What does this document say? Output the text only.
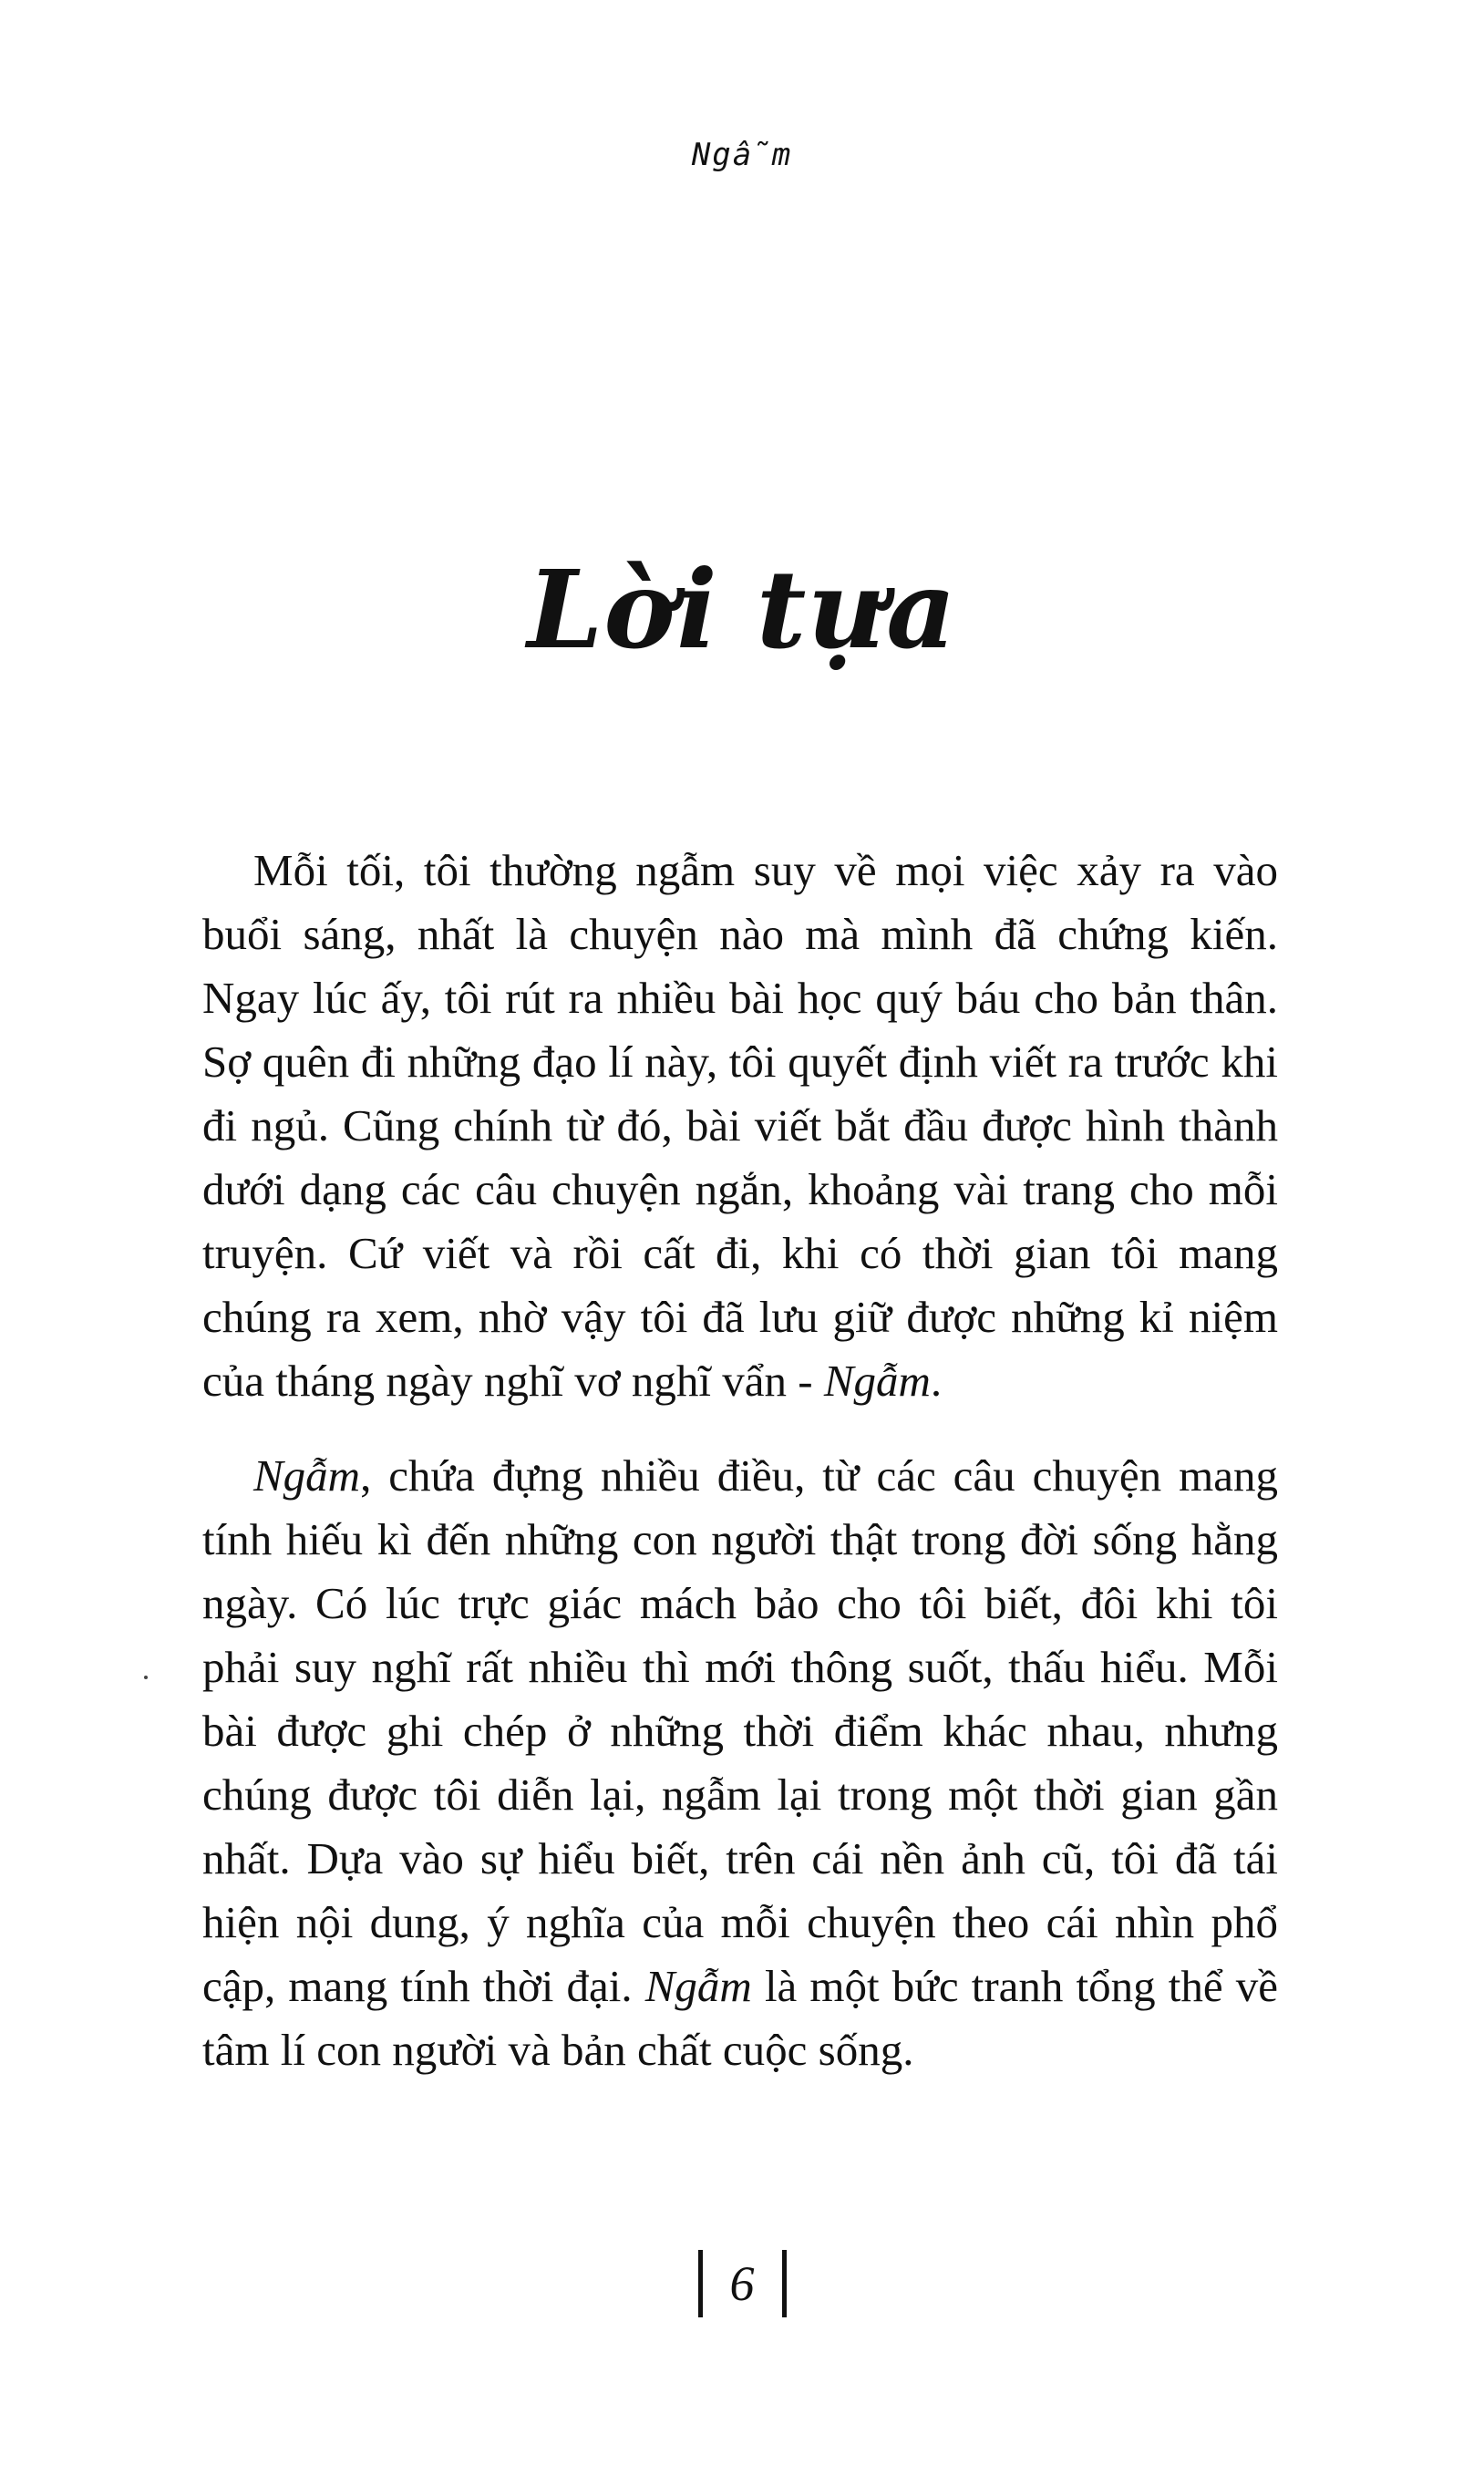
Ngẫm
Lời tựa

Mỗi tối, tôi thường ngẫm suy về mọi việc xảy ra vào buổi sáng, nhất là chuyện nào mà mình đã chứng kiến. Ngay lúc ấy, tôi rút ra nhiều bài học quý báu cho bản thân. Sợ quên đi những đạo lí này, tôi quyết định viết ra trước khi đi ngủ. Cũng chính từ đó, bài viết bắt đầu được hình thành dưới dạng các câu chuyện ngắn, khoảng vài trang cho mỗi truyện. Cứ viết và rồi cất đi, khi có thời gian tôi mang chúng ra xem, nhờ vậy tôi đã lưu giữ được những kỉ niệm của tháng ngày nghĩ vơ nghĩ vẩn - Ngẫm.

Ngẫm, chứa đựng nhiều điều, từ các câu chuyện mang tính hiếu kì đến những con người thật trong đời sống hằng ngày. Có lúc trực giác mách bảo cho tôi biết, đôi khi tôi phải suy nghĩ rất nhiều thì mới thông suốt, thấu hiểu. Mỗi bài được ghi chép ở những thời điểm khác nhau, nhưng chúng được tôi diễn lại, ngẫm lại trong một thời gian gần nhất. Dựa vào sự hiểu biết, trên cái nền ảnh cũ, tôi đã tái hiện nội dung, ý nghĩa của mỗi chuyện theo cái nhìn phổ cập, mang tính thời đại. Ngẫm là một bức tranh tổng thể về tâm lí con người và bản chất cuộc sống.

6
